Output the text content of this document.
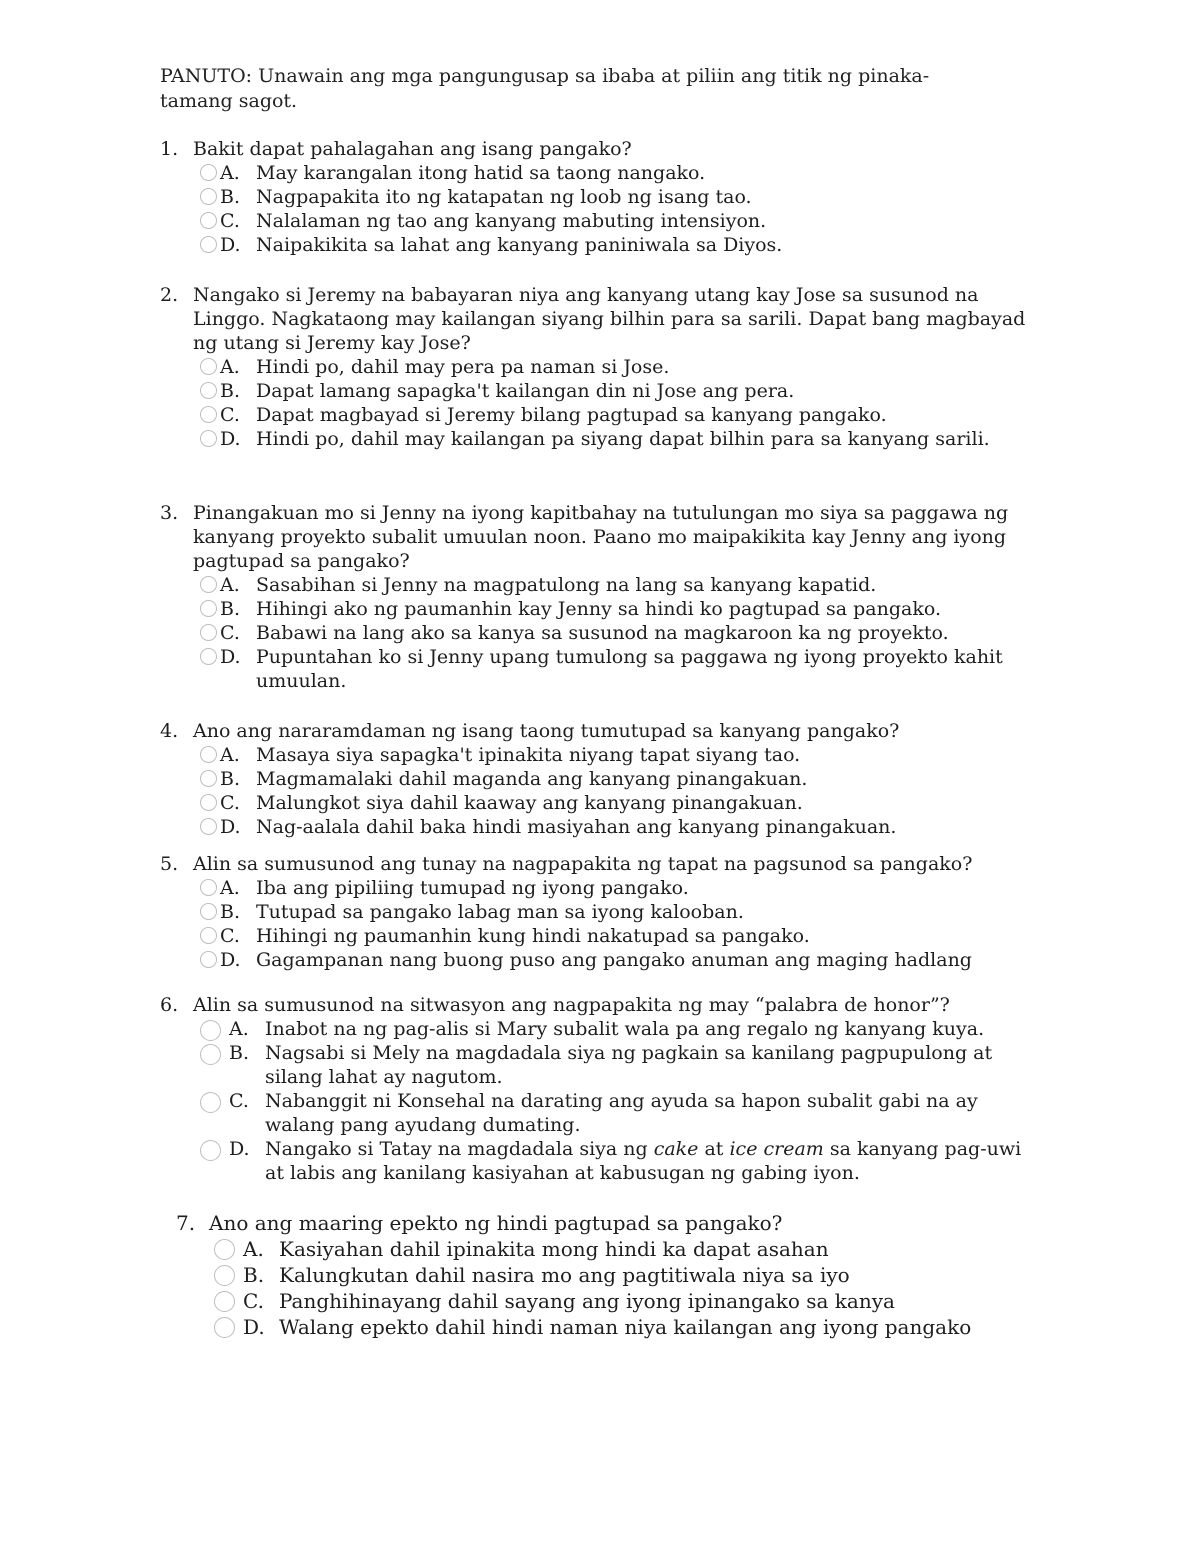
PANUTO: Unawain ang mga pangungusap sa ibaba at piliin ang titik ng pinaka-tamang sagot.
1. Bakit dapat pahalagahan ang isang pangako?
A. May karangalan itong hatid sa taong nangako.
B. Nagpapakita ito ng katapatan ng loob ng isang tao.
C. Nalalaman ng tao ang kanyang mabuting intensiyon.
D. Naipakikita sa lahat ang kanyang paniniwala sa Diyos.
2. Nangako si Jeremy na babayaran niya ang kanyang utang kay Jose sa susunod na Linggo. Nagkataong may kailangan siyang bilhin para sa sarili. Dapat bang magbayad ng utang si Jeremy kay Jose?
A. Hindi po, dahil may pera pa naman si Jose.
B. Dapat lamang sapagka't kailangan din ni Jose ang pera.
C. Dapat magbayad si Jeremy bilang pagtupad sa kanyang pangako.
D. Hindi po, dahil may kailangan pa siyang dapat bilhin para sa kanyang sarili.
3. Pinangakuan mo si Jenny na iyong kapitbahay na tutulungan mo siya sa paggawa ng kanyang proyekto subalit umuulan noon. Paano mo maipakikita kay Jenny ang iyong pagtupad sa pangako?
A. Sasabihan si Jenny na magpatulong na lang sa kanyang kapatid.
B. Hihingi ako ng paumanhin kay Jenny sa hindi ko pagtupad sa pangako.
C. Babawi na lang ako sa kanya sa susunod na magkaroon ka ng proyekto.
D. Pupuntahan ko si Jenny upang tumulong sa paggawa ng iyong proyekto kahit umuulan.
4. Ano ang nararamdaman ng isang taong tumutupad sa kanyang pangako?
A. Masaya siya sapagka't ipinakita niyang tapat siyang tao.
B. Magmamalaki dahil maganda ang kanyang pinangakuan.
C. Malungkot siya dahil kaaway ang kanyang pinangakuan.
D. Nag-aalala dahil baka hindi masiyahan ang kanyang pinangakuan.
5. Alin sa sumusunod ang tunay na nagpapakita ng tapat na pagsunod sa pangako?
A. Iba ang pipiliing tumupad ng iyong pangako.
B. Tutupad sa pangako labag man sa iyong kalooban.
C. Hihingi ng paumanhin kung hindi nakatupad sa pangako.
D. Gagampanan nang buong puso ang pangako anuman ang maging hadlang
6. Alin sa sumusunod na sitwasyon ang nagpapakita ng may “palabra de honor”?
A. Inabot na ng pag-alis si Mary subalit wala pa ang regalo ng kanyang kuya.
B. Nagsabi si Mely na magdadala siya ng pagkain sa kanilang pagpupulong at silang lahat ay nagutom.
C. Nabanggit ni Konsehal na darating ang ayuda sa hapon subalit gabi na ay walang pang ayudang dumating.
D. Nangako si Tatay na magdadala siya ng cake at ice cream sa kanyang pag-uwi at labis ang kanilang kasiyahan at kabusugan ng gabing iyon.
7. Ano ang maaring epekto ng hindi pagtupad sa pangako?
A. Kasiyahan dahil ipinakita mong hindi ka dapat asahan
B. Kalungkutan dahil nasira mo ang pagtitiwala niya sa iyo
C. Panghihinayang dahil sayang ang iyong ipinangako sa kanya
D. Walang epekto dahil hindi naman niya kailangan ang iyong pangako
